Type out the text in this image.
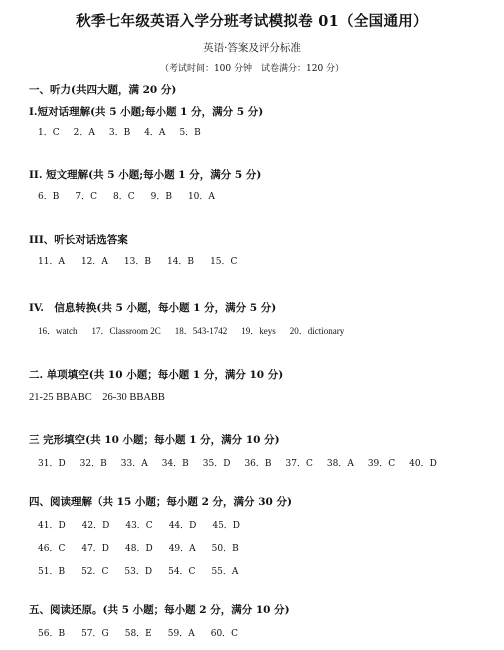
秋季七年级英语入学分班考试模拟卷 01（全国通用）
英语·答案及评分标准
（考试时间：100 分钟　试卷满分：120 分）
一、听力(共四大题，满 20 分)
Ⅰ.短对话理解(共 5 小题;每小题 1 分，满分 5 分)
1．C 2．A 3．B 4．A 5．B
II. 短文理解(共 5 小题;每小题 1 分，满分 5 分)
6．B 7．C 8．C 9．B 10．A
III、听长对话选答案
11．A 12．A 13．B 14．B 15．C
IV.　信息转换(共 5 小题，每小题 1 分，满分 5 分)
16．watch 17．Classroom 2C 18．543-1742 19．keys 20．dictionary
二. 单项填空(共 10 小题；每小题 1 分，满分 10 分)
21-25 BBABC　26-30 BBABB
三 完形填空(共 10 小题；每小题 1 分，满分 10 分)
31．D 32．B 33．A 34．B 35．D 36．B 37．C 38．A 39．C 40．D
四、阅读理解（共 15 小题；每小题 2 分，满分 30 分)
41．D 42．D 43．C 44．D 45．D
46．C 47．D 48．D 49．A 50．B
51．B 52．C 53．D 54．C 55．A
五、阅读还原。(共 5 小题；每小题 2 分，满分 10 分)
56．B 57．G 58．E 59．A 60．C
